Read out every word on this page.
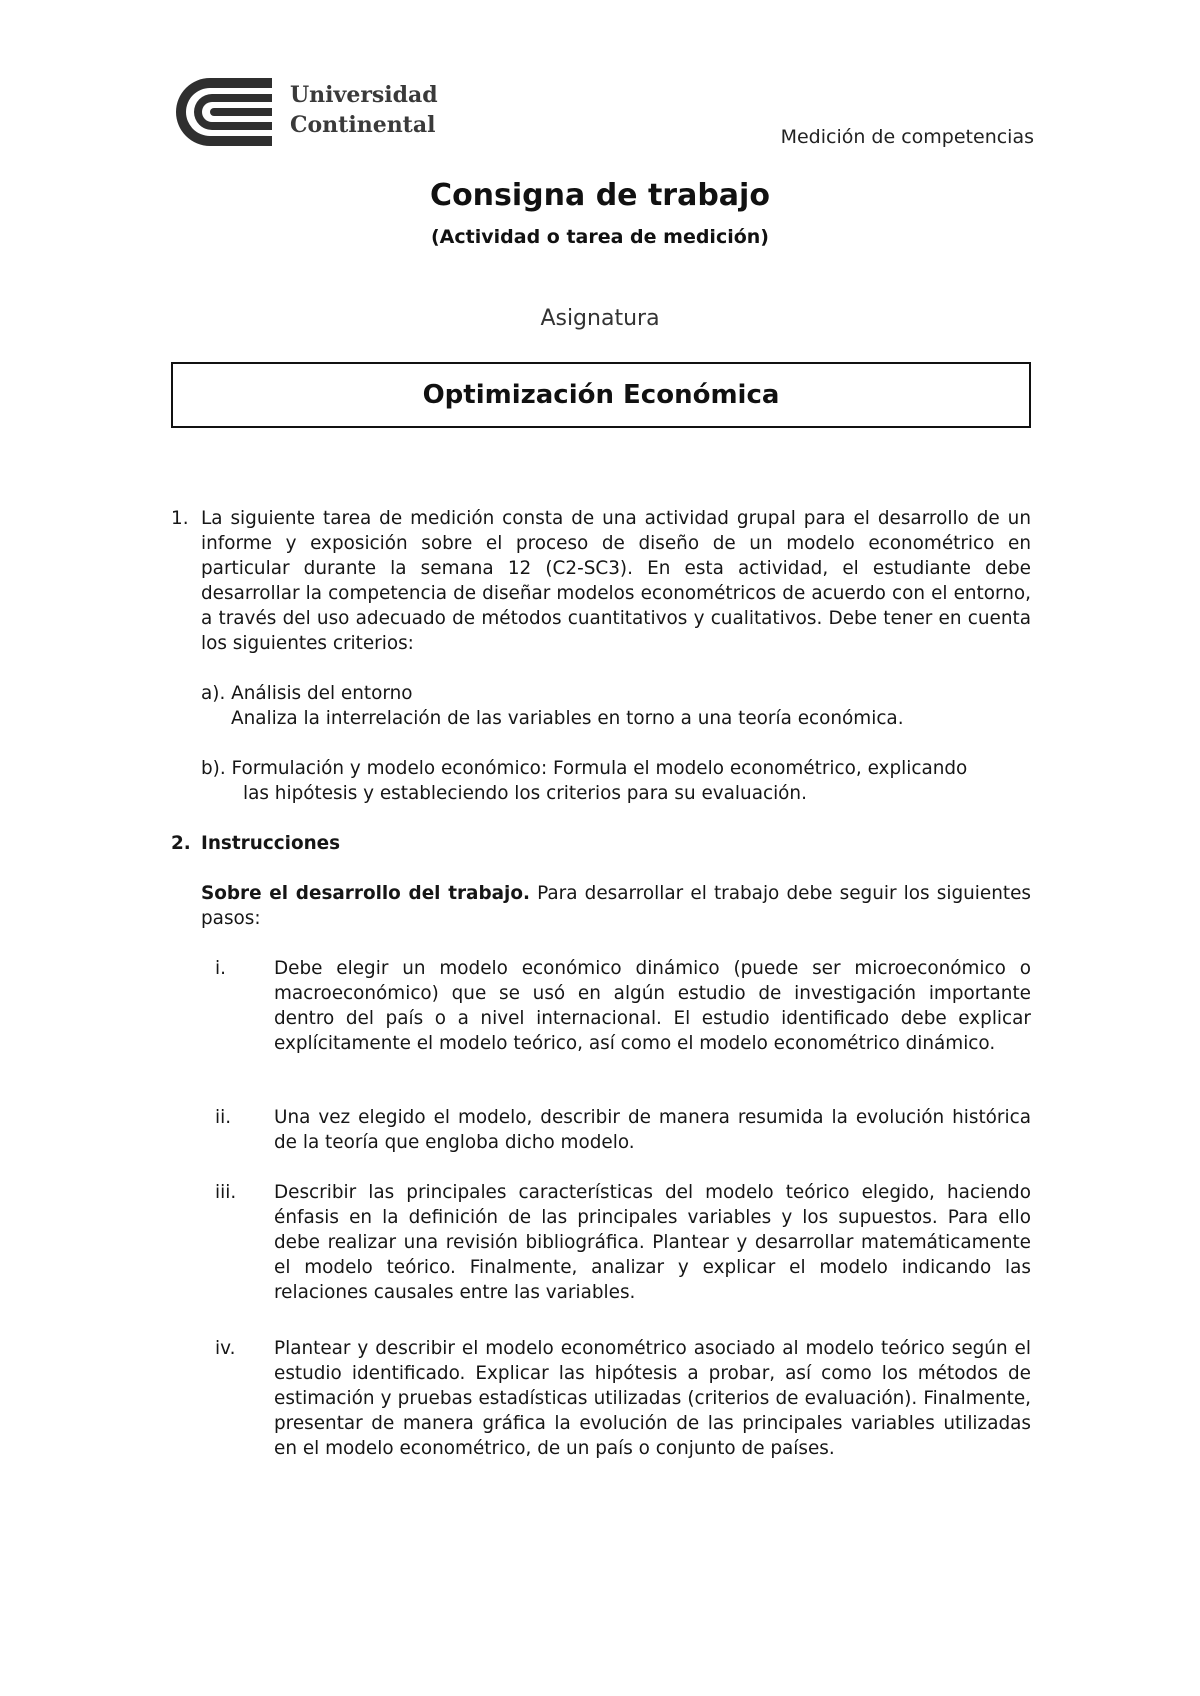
Universidad
Continental	Medición de competencias
Consigna de trabajo
(Actividad o tarea de medición)
Asignatura
Optimización Económica
1. La siguiente tarea de medición consta de una actividad grupal para el desarrollo de un informe y exposición sobre el proceso de diseño de un modelo econométrico en particular durante la semana 12 (C2-SC3). En esta actividad, el estudiante debe desarrollar la competencia de diseñar modelos econométricos de acuerdo con el entorno, a través del uso adecuado de métodos cuantitativos y cualitativos. Debe tener en cuenta los siguientes criterios:

a). Análisis del entorno
Analiza la interrelación de las variables en torno a una teoría económica.
b). Formulación y modelo económico: Formula el modelo econométrico, explicando
las hipótesis y estableciendo los criterios para su evaluación.
2. Instrucciones

Sobre el desarrollo del trabajo. Para desarrollar el trabajo debe seguir los siguientes pasos:

i.	Debe elegir un modelo económico dinámico (puede ser microeconómico o macroeconómico) que se usó en algún estudio de investigación importante dentro del país o a nivel internacional. El estudio identificado debe explicar explícitamente el modelo teórico, así como el modelo econométrico dinámico.
ii.	Una vez elegido el modelo, describir de manera resumida la evolución histórica de la teoría que engloba dicho modelo.
iii.	Describir las principales características del modelo teórico elegido, haciendo énfasis en la definición de las principales variables y los supuestos. Para ello debe realizar una revisión bibliográfica. Plantear y desarrollar matemáticamente el modelo teórico. Finalmente, analizar y explicar el modelo indicando las relaciones causales entre las variables.
iv.	Plantear y describir el modelo econométrico asociado al modelo teórico según el estudio identificado. Explicar las hipótesis a probar, así como los métodos de estimación y pruebas estadísticas utilizadas (criterios de evaluación). Finalmente, presentar de manera gráfica la evolución de las principales variables utilizadas en el modelo econométrico, de un país o conjunto de países.
